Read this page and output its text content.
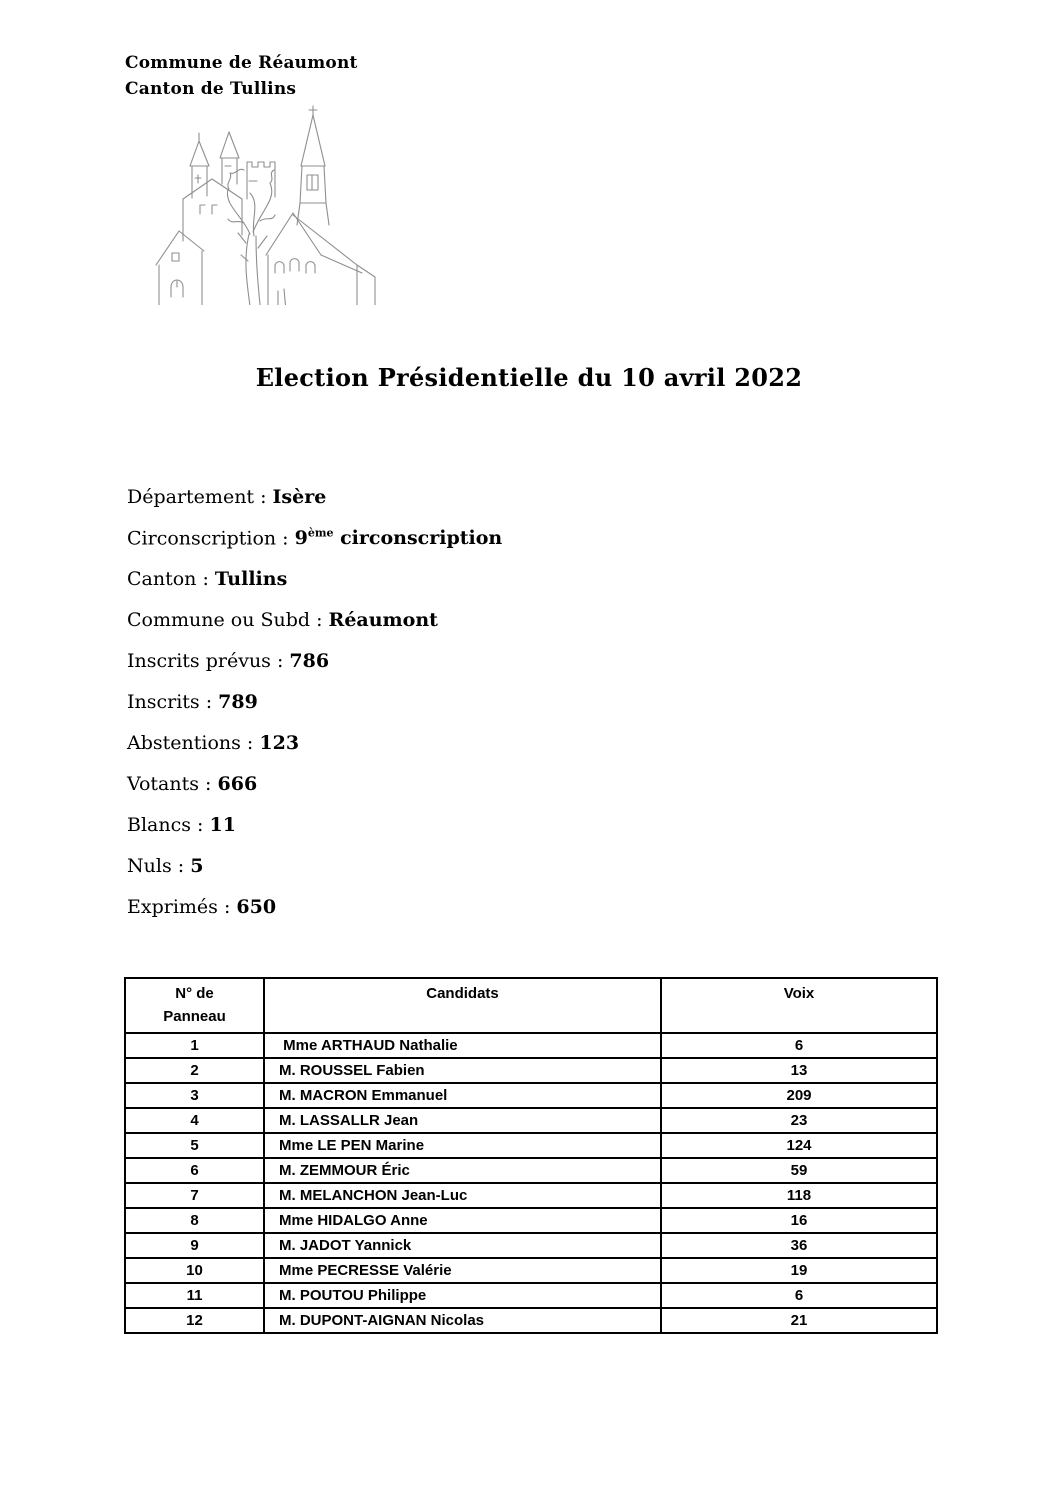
Commune de Réaumont
Canton de Tullins
Election Présidentielle du 10 avril 2022
Département : Isère
Circonscription : 9ème circonscription
Canton : Tullins
Commune ou Subd : Réaumont
Inscrits prévus : 786
Inscrits : 789
Abstentions : 123
Votants : 666
Blancs : 11
Nuls : 5
Exprimés : 650
N° de
Panneau	Candidats	Voix
1	Mme ARTHAUD Nathalie	6
2	M. ROUSSEL Fabien	13
3	M. MACRON Emmanuel	209
4	M. LASSALLR Jean	23
5	Mme LE PEN Marine	124
6	M. ZEMMOUR Éric	59
7	M. MELANCHON Jean-Luc	118
8	Mme HIDALGO Anne	16
9	M. JADOT Yannick	36
10	Mme PECRESSE Valérie	19
11	M. POUTOU Philippe	6
12	M. DUPONT-AIGNAN Nicolas	21
